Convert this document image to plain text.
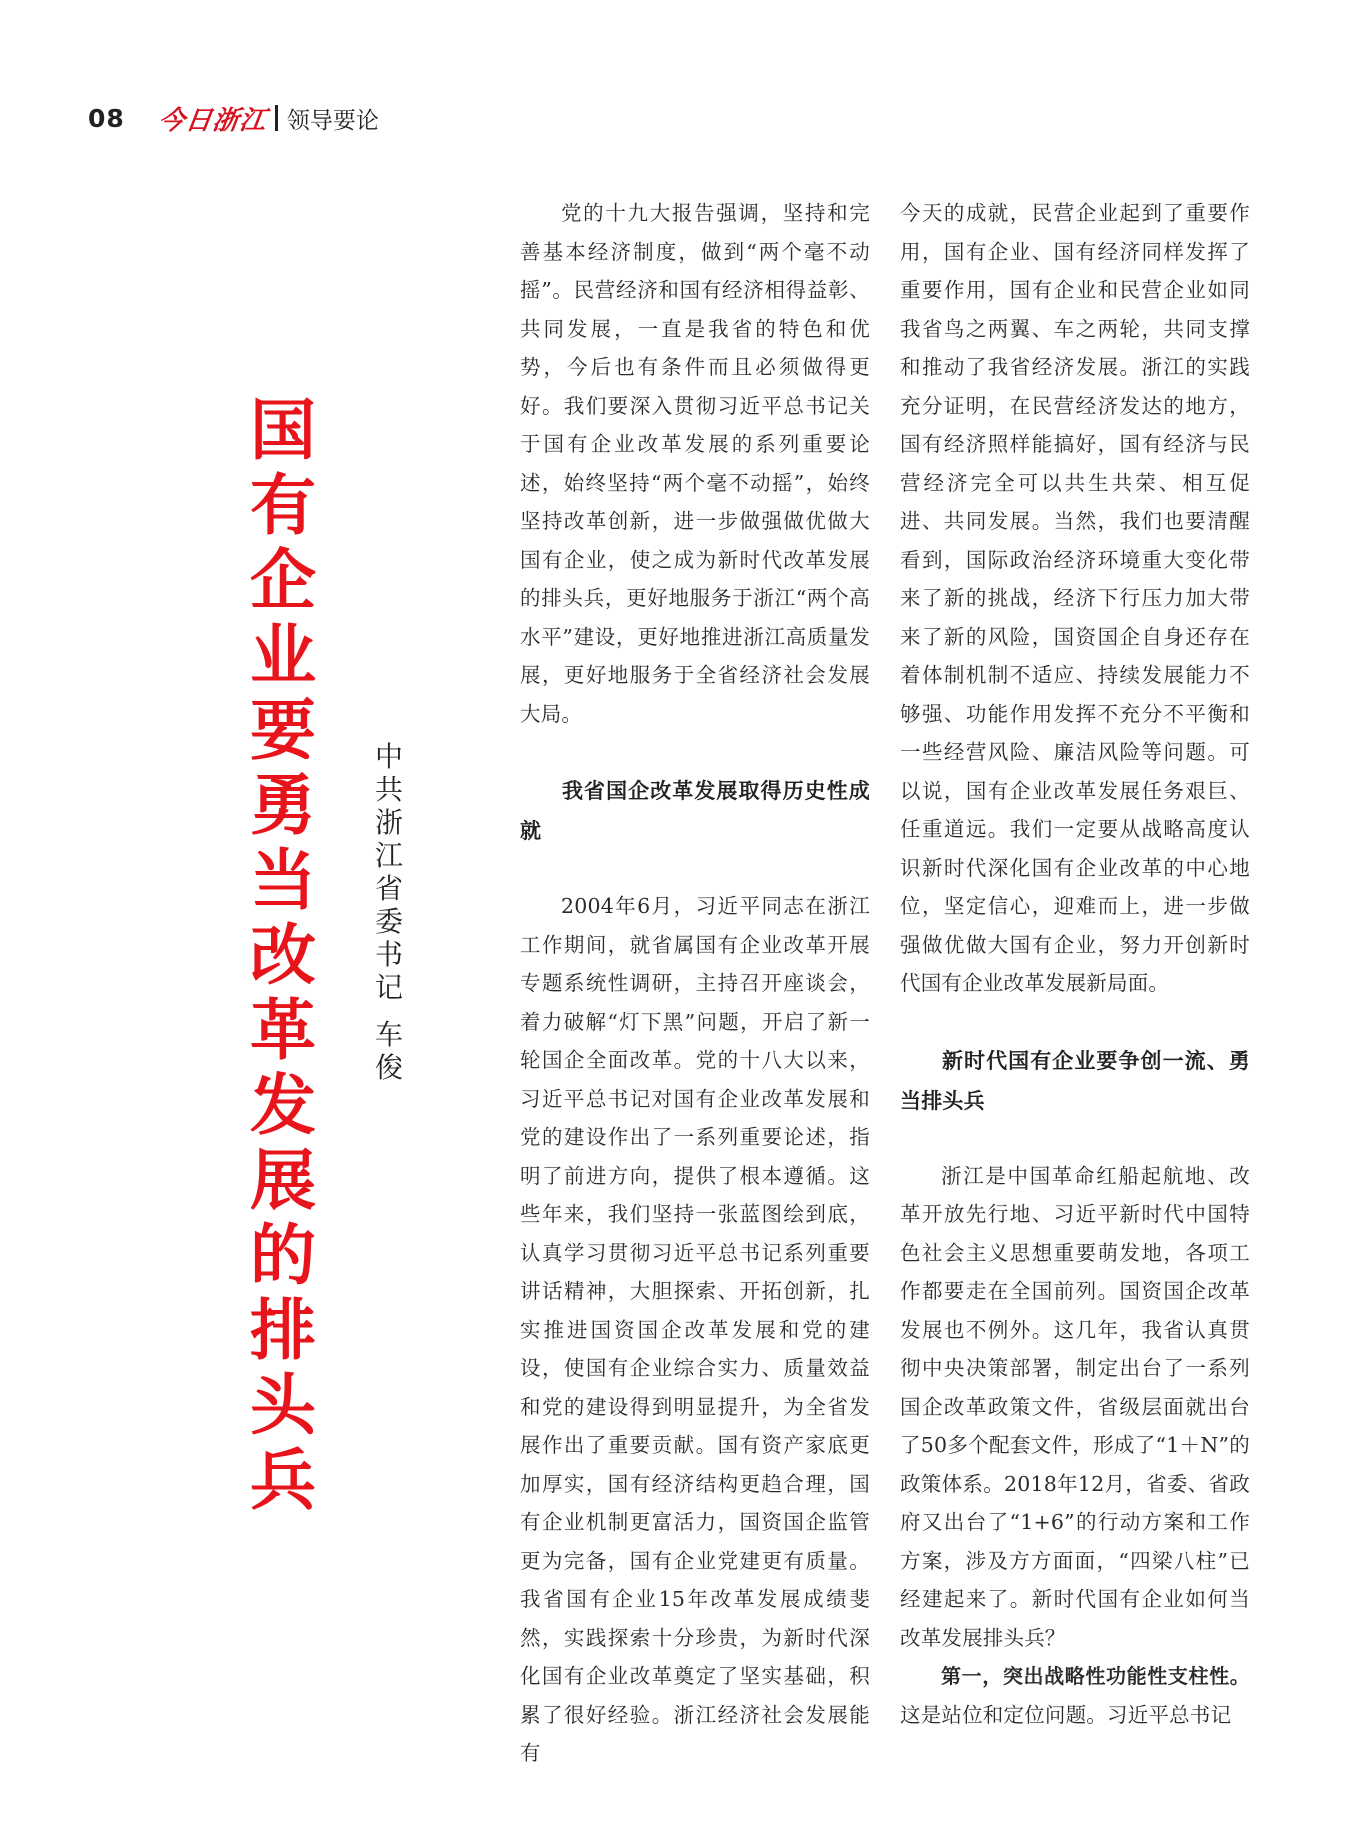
08 今日浙江 领导要论
国有企业要勇当改革发展的排头兵
中共浙江省委书记
车 俊

党的十九大报告强调，坚持和完善基本经济制度，做到“两个毫不动摇”。民营经济和国有经济相得益彰、共同发展，一直是我省的特色和优势，今后也有条件而且必须做得更好。我们要深入贯彻习近平总书记关于国有企业改革发展的系列重要论述，始终坚持“两个毫不动摇”，始终坚持改革创新，进一步做强做优做大国有企业，使之成为新时代改革发展的排头兵，更好地服务于浙江“两个高水平”建设，更好地推进浙江高质量发展，更好地服务于全省经济社会发展大局。

我省国企改革发展取得历史性成就

2004年6月，习近平同志在浙江工作期间，就省属国有企业改革开展专题系统性调研，主持召开座谈会，着力破解“灯下黑”问题，开启了新一轮国企全面改革。党的十八大以来，习近平总书记对国有企业改革发展和党的建设作出了一系列重要论述，指明了前进方向，提供了根本遵循。这些年来，我们坚持一张蓝图绘到底，认真学习贯彻习近平总书记系列重要讲话精神，大胆探索、开拓创新，扎实推进国资国企改革发展和党的建设，使国有企业综合实力、质量效益和党的建设得到明显提升，为全省发展作出了重要贡献。国有资产家底更加厚实，国有经济结构更趋合理，国有企业机制更富活力，国资国企监管更为完备，国有企业党建更有质量。我省国有企业15年改革发展成绩斐然，实践探索十分珍贵，为新时代深化国有企业改革奠定了坚实基础，积累了很好经验。浙江经济社会发展能有

今天的成就，民营企业起到了重要作用，国有企业、国有经济同样发挥了重要作用，国有企业和民营企业如同我省鸟之两翼、车之两轮，共同支撑和推动了我省经济发展。浙江的实践充分证明，在民营经济发达的地方，国有经济照样能搞好，国有经济与民营经济完全可以共生共荣、相互促进、共同发展。当然，我们也要清醒看到，国际政治经济环境重大变化带来了新的挑战，经济下行压力加大带来了新的风险，国资国企自身还存在着体制机制不适应、持续发展能力不够强、功能作用发挥不充分不平衡和一些经营风险、廉洁风险等问题。可以说，国有企业改革发展任务艰巨、任重道远。我们一定要从战略高度认识新时代深化国有企业改革的中心地位，坚定信心，迎难而上，进一步做强做优做大国有企业，努力开创新时代国有企业改革发展新局面。

新时代国有企业要争创一流、勇当排头兵

浙江是中国革命红船起航地、改革开放先行地、习近平新时代中国特色社会主义思想重要萌发地，各项工作都要走在全国前列。国资国企改革发展也不例外。这几年，我省认真贯彻中央决策部署，制定出台了一系列国企改革政策文件，省级层面就出台了50多个配套文件，形成了“1＋N”的政策体系。2018年12月，省委、省政府又出台了“1+6”的行动方案和工作方案，涉及方方面面，“四梁八柱”已经建起来了。新时代国有企业如何当改革发展排头兵？

第一，突出战略性功能性支柱性。这是站位和定位问题。习近平总书记
